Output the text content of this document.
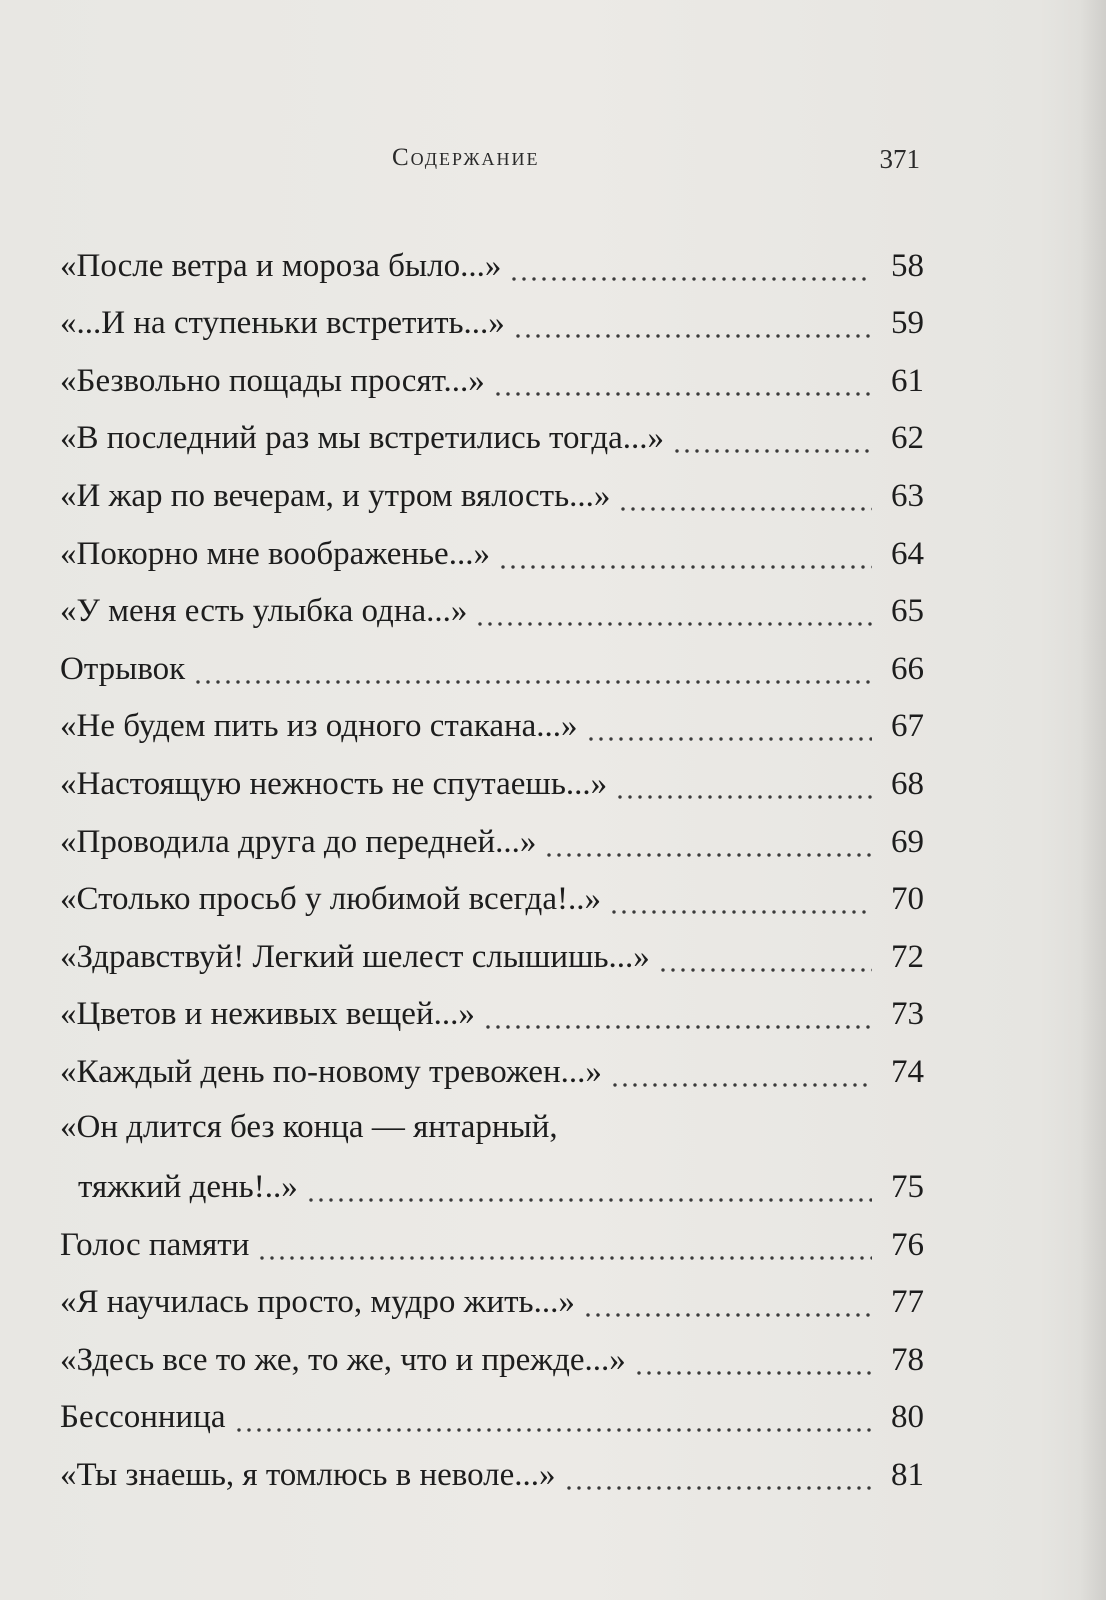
Содержание	371
«После ветра и мороза было...»	58
«...И на ступеньки встретить...»	59
«Безвольно пощады просят...»	61
«В последний раз мы встретились тогда...»	62
«И жар по вечерам, и утром вялость...»	63
«Покорно мне воображенье...»	64
«У меня есть улыбка одна...»	65
Отрывок	66
«Не будем пить из одного стакана...»	67
«Настоящую нежность не спутаешь...»	68
«Проводила друга до передней...»	69
«Столько просьб у любимой всегда!..»	70
«Здравствуй! Легкий шелест слышишь...»	72
«Цветов и неживых вещей...»	73
«Каждый день по-новому тревожен...»	74
«Он длится без конца — янтарный,
тяжкий день!..»	75
Голос памяти	76
«Я научилась просто, мудро жить...»	77
«Здесь все то же, то же, что и прежде...»	78
Бессонница	80
«Ты знаешь, я томлюсь в неволе...»	81
